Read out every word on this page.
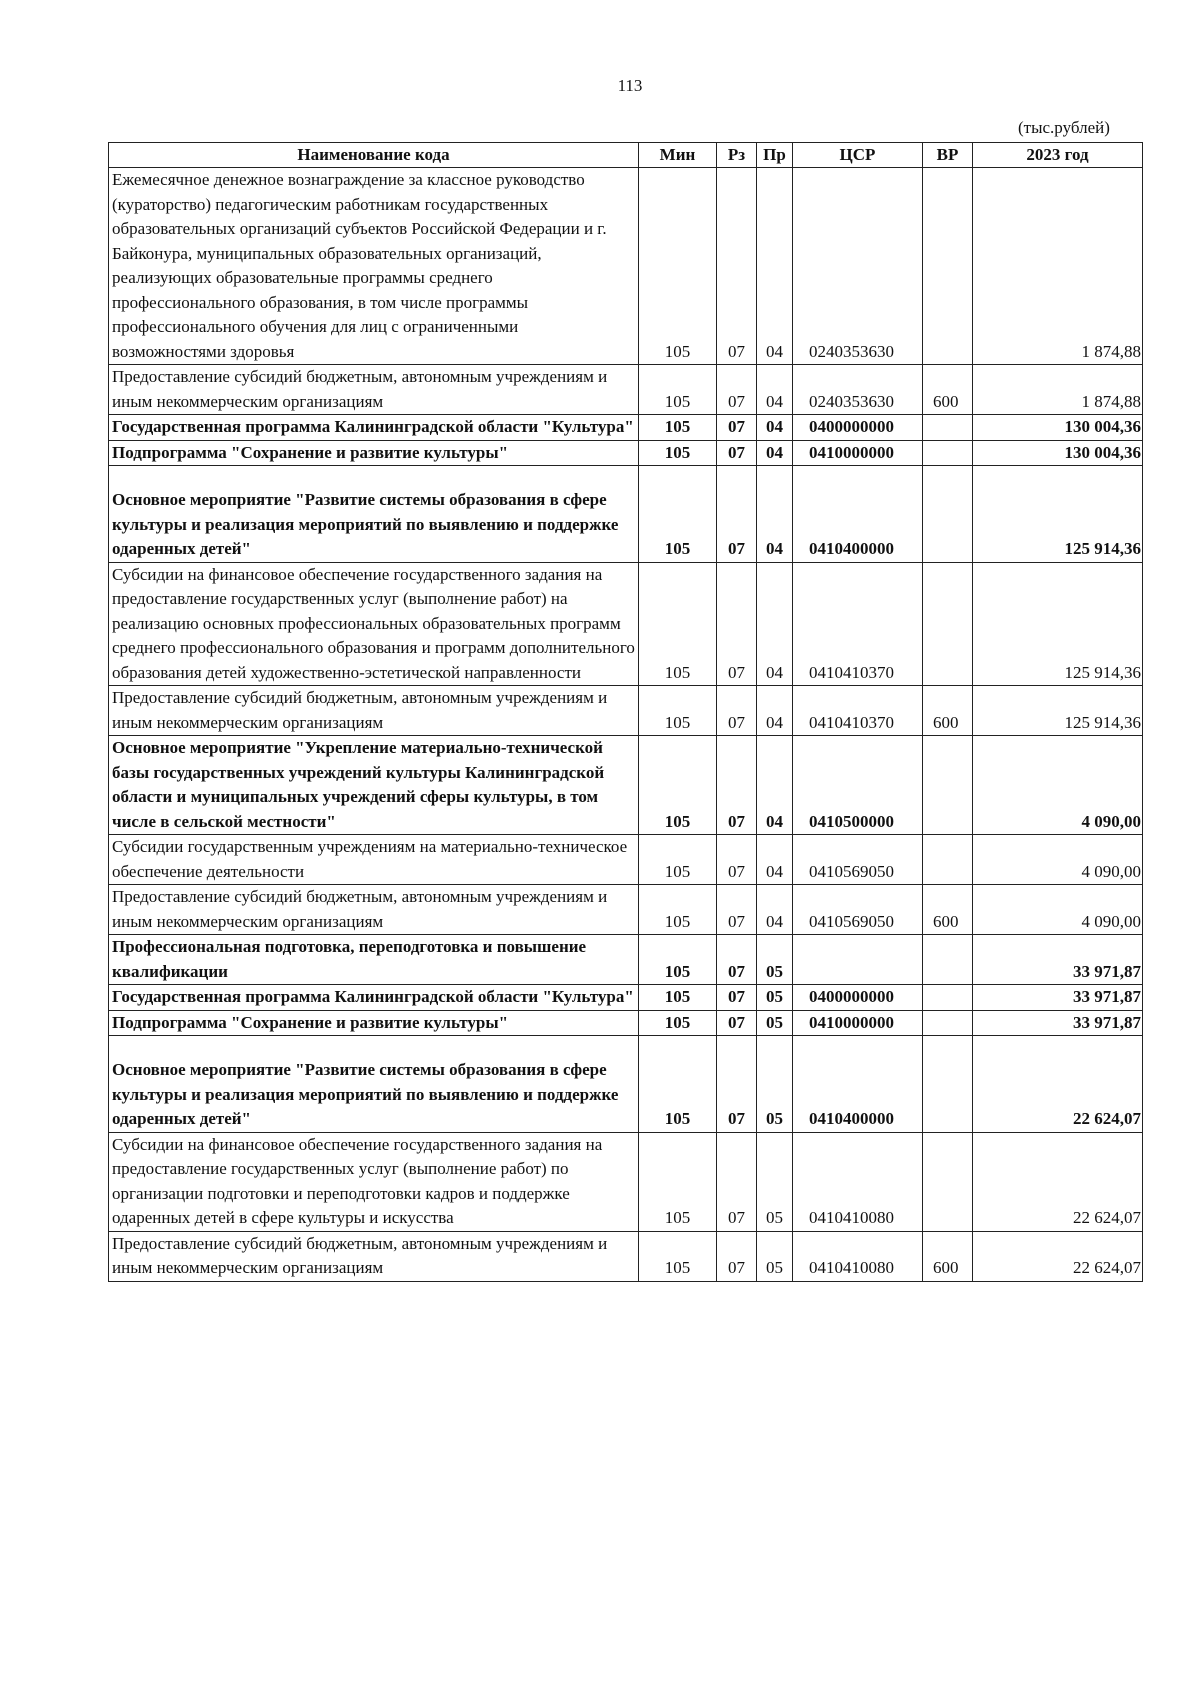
113
(тыс.рублей)
Наименование кода	Мин	Рз	Пр	ЦСР	ВР	2023 год
Ежемесячное денежное вознаграждение за классное руководство (кураторство) педагогическим работникам государственных образовательных организаций субъектов Российской Федерации и г. Байконура, муниципальных образовательных организаций, реализующих образовательные программы среднего профессионального образования, в том числе программы профессионального обучения для лиц с ограниченными возможностями здоровья	105	07	04	0240353630		1 874,88
Предоставление субсидий бюджетным, автономным учреждениям и иным некоммерческим организациям	105	07	04	0240353630	600	1 874,88
Государственная программа Калининградской области "Культура"	105	07	04	0400000000		130 004,36
Подпрограмма "Сохранение и развитие культуры"	105	07	04	0410000000		130 004,36
Основное мероприятие "Развитие системы образования в сфере культуры и реализация мероприятий по выявлению и поддержке одаренных детей"	105	07	04	0410400000		125 914,36
Субсидии на финансовое обеспечение государственного задания на предоставление государственных услуг (выполнение работ) на реализацию основных профессиональных образовательных программ среднего профессионального образования и программ дополнительного образования детей художественно-эстетической направленности	105	07	04	0410410370		125 914,36
Предоставление субсидий бюджетным, автономным учреждениям и иным некоммерческим организациям	105	07	04	0410410370	600	125 914,36
Основное мероприятие "Укрепление материально-технической базы государственных учреждений культуры Калининградской области и муниципальных учреждений сферы культуры, в том числе в сельской местности"	105	07	04	0410500000		4 090,00
Субсидии государственным учреждениям на материально-техническое обеспечение деятельности	105	07	04	0410569050		4 090,00
Предоставление субсидий бюджетным, автономным учреждениям и иным некоммерческим организациям	105	07	04	0410569050	600	4 090,00
Профессиональная подготовка, переподготовка и повышение квалификации	105	07	05			33 971,87
Государственная программа Калининградской области "Культура"	105	07	05	0400000000		33 971,87
Подпрограмма "Сохранение и развитие культуры"	105	07	05	0410000000		33 971,87
Основное мероприятие "Развитие системы образования в сфере культуры и реализация мероприятий по выявлению и поддержке одаренных детей"	105	07	05	0410400000		22 624,07
Субсидии на финансовое обеспечение государственного задания на предоставление государственных услуг (выполнение работ) по организации подготовки и переподготовки кадров и поддержке одаренных детей в сфере культуры и искусства	105	07	05	0410410080		22 624,07
Предоставление субсидий бюджетным, автономным учреждениям и иным некоммерческим организациям	105	07	05	0410410080	600	22 624,07
